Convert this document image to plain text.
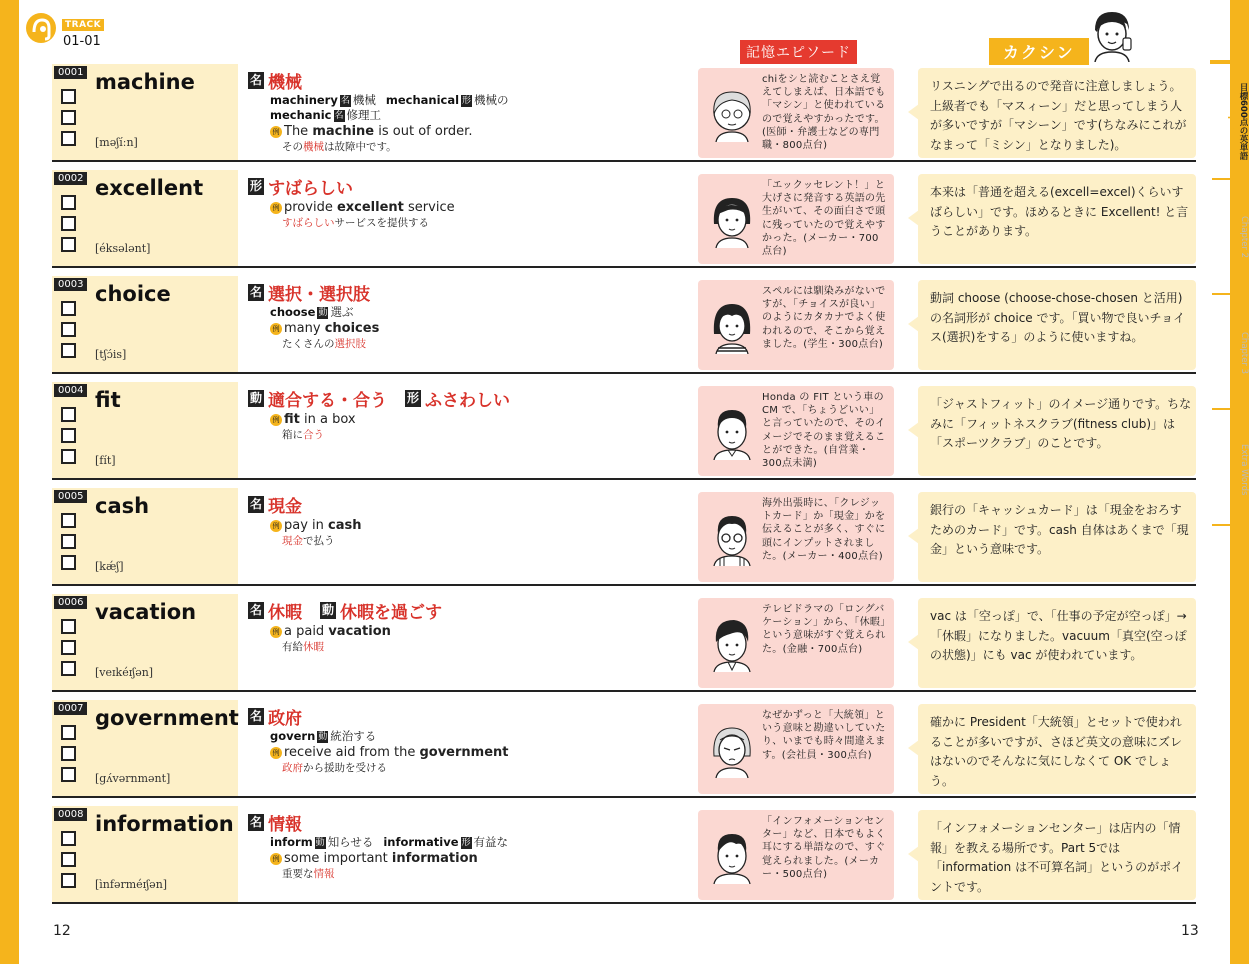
TRACK
01-01
記憶エピソード	カクシン
目標600点の英単語
Chapter 1
Chapter 2
Chapter 3
Extra Words
0001 machine
[məʃíːn]
名 機械
machinery 名 機械 mechanical 形 機械の
mechanic 名 修理工
例 The machine is out of order.
その機械は故障中です。
chiをシと読むことさえ覚えてしまえば、日本語でも「マシン」と使われているので覚えやすかったです。(医師・弁護士などの専門職・800点台)
リスニングで出るので発音に注意しましょう。上級者でも「マスィーン」だと思ってしまう人が多いですが「マシーン」です(ちなみにこれがなまって「ミシン」となりました)。
0002 excellent
[éksələnt]
形 すばらしい
例 provide excellent service
すばらしいサービスを提供する
「エックッセレント！」と大げさに発音する英語の先生がいて、その面白さで頭に残っていたので覚えやすかった。(メーカー・700点台)
本来は「普通を超える(excell=excel)くらいすばらしい」です。ほめるときに Excellent! と言うことがあります。
0003 choice
[tʃɔ́is]
名 選択・選択肢
choose 動 選ぶ
例 many choices
たくさんの選択肢
スペルには馴染みがないですが、「チョイスが良い」のようにカタカナでよく使われるので、そこから覚えました。(学生・300点台)
動詞 choose (choose-chose-chosen と活用) の名詞形が choice です。「買い物で良いチョイス(選択)をする」のように使いますね。
0004 fit
[fít]
動 適合する・合う 形 ふさわしい
例 fit in a box
箱に合う
Honda の FIT という車の CM で、「ちょうどいい」と言っていたので、そのイメージでそのまま覚えることができた。(自営業・300点未満)
「ジャストフィット」のイメージ通りです。ちなみに「フィットネスクラブ(fitness club)」は「スポーツクラブ」のことです。
0005 cash
[kǽʃ]
名 現金
例 pay in cash
現金で払う
海外出張時に、「クレジットカード」か「現金」かを伝えることが多く、すぐに頭にインプットされました。(メーカー・400点台)
銀行の「キャッシュカード」は「現金をおろすためのカード」です。cash 自体はあくまで「現金」という意味です。
0006 vacation
[veɪkéɪʃən]
名 休暇 動 休暇を過ごす
例 a paid vacation
有給休暇
テレビドラマの「ロングバケーション」から、「休暇」という意味がすぐ覚えられた。(金融・700点台)
vac は「空っぽ」で、「仕事の予定が空っぽ」→「休暇」になりました。vacuum「真空(空っぽの状態)」にも vac が使われています。
0007 government
[gʌ́vərnmənt]
名 政府
govern 動 統治する
例 receive aid from the government
政府から援助を受ける
なぜかずっと「大統領」という意味と勘違いしていたり、いまでも時々間違えます。(会社員・300点台)
確かに President「大統領」とセットで使われることが多いですが、さほど英文の意味にズレはないのでそんなに気にしなくて OK でしょう。
0008 information
[ìnfərméɪʃən]
名 情報
inform 動 知らせる informative 形 有益な
例 some important information
重要な情報
「インフォメーションセンター」など、日本でもよく耳にする単語なので、すぐ覚えられました。(メーカー・500点台)
「インフォメーションセンター」は店内の「情報」を教える場所です。Part 5では「information は不可算名詞」というのがポイントです。
12	13
